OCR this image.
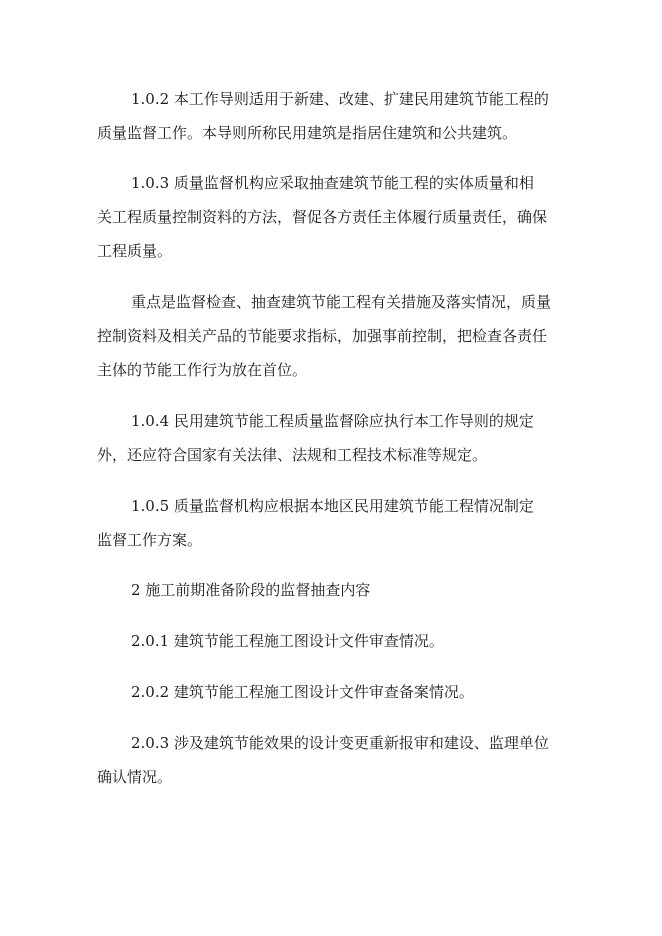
1.0.2 本工作导则适用于新建、改建、扩建民用建筑节能工程的
质量监督工作。本导则所称民用建筑是指居住建筑和公共建筑。

1.0.3 质量监督机构应采取抽查建筑节能工程的实体质量和相
关工程质量控制资料的方法，督促各方责任主体履行质量责任，确保
工程质量。

重点是监督检查、抽查建筑节能工程有关措施及落实情况，质量
控制资料及相关产品的节能要求指标，加强事前控制，把检查各责任
主体的节能工作行为放在首位。

1.0.4 民用建筑节能工程质量监督除应执行本工作导则的规定
外，还应符合国家有关法律、法规和工程技术标准等规定。

1.0.5 质量监督机构应根据本地区民用建筑节能工程情况制定
监督工作方案。

2 施工前期准备阶段的监督抽查内容

2.0.1 建筑节能工程施工图设计文件审查情况。

2.0.2 建筑节能工程施工图设计文件审查备案情况。

2.0.3 涉及建筑节能效果的设计变更重新报审和建设、监理单位
确认情况。
